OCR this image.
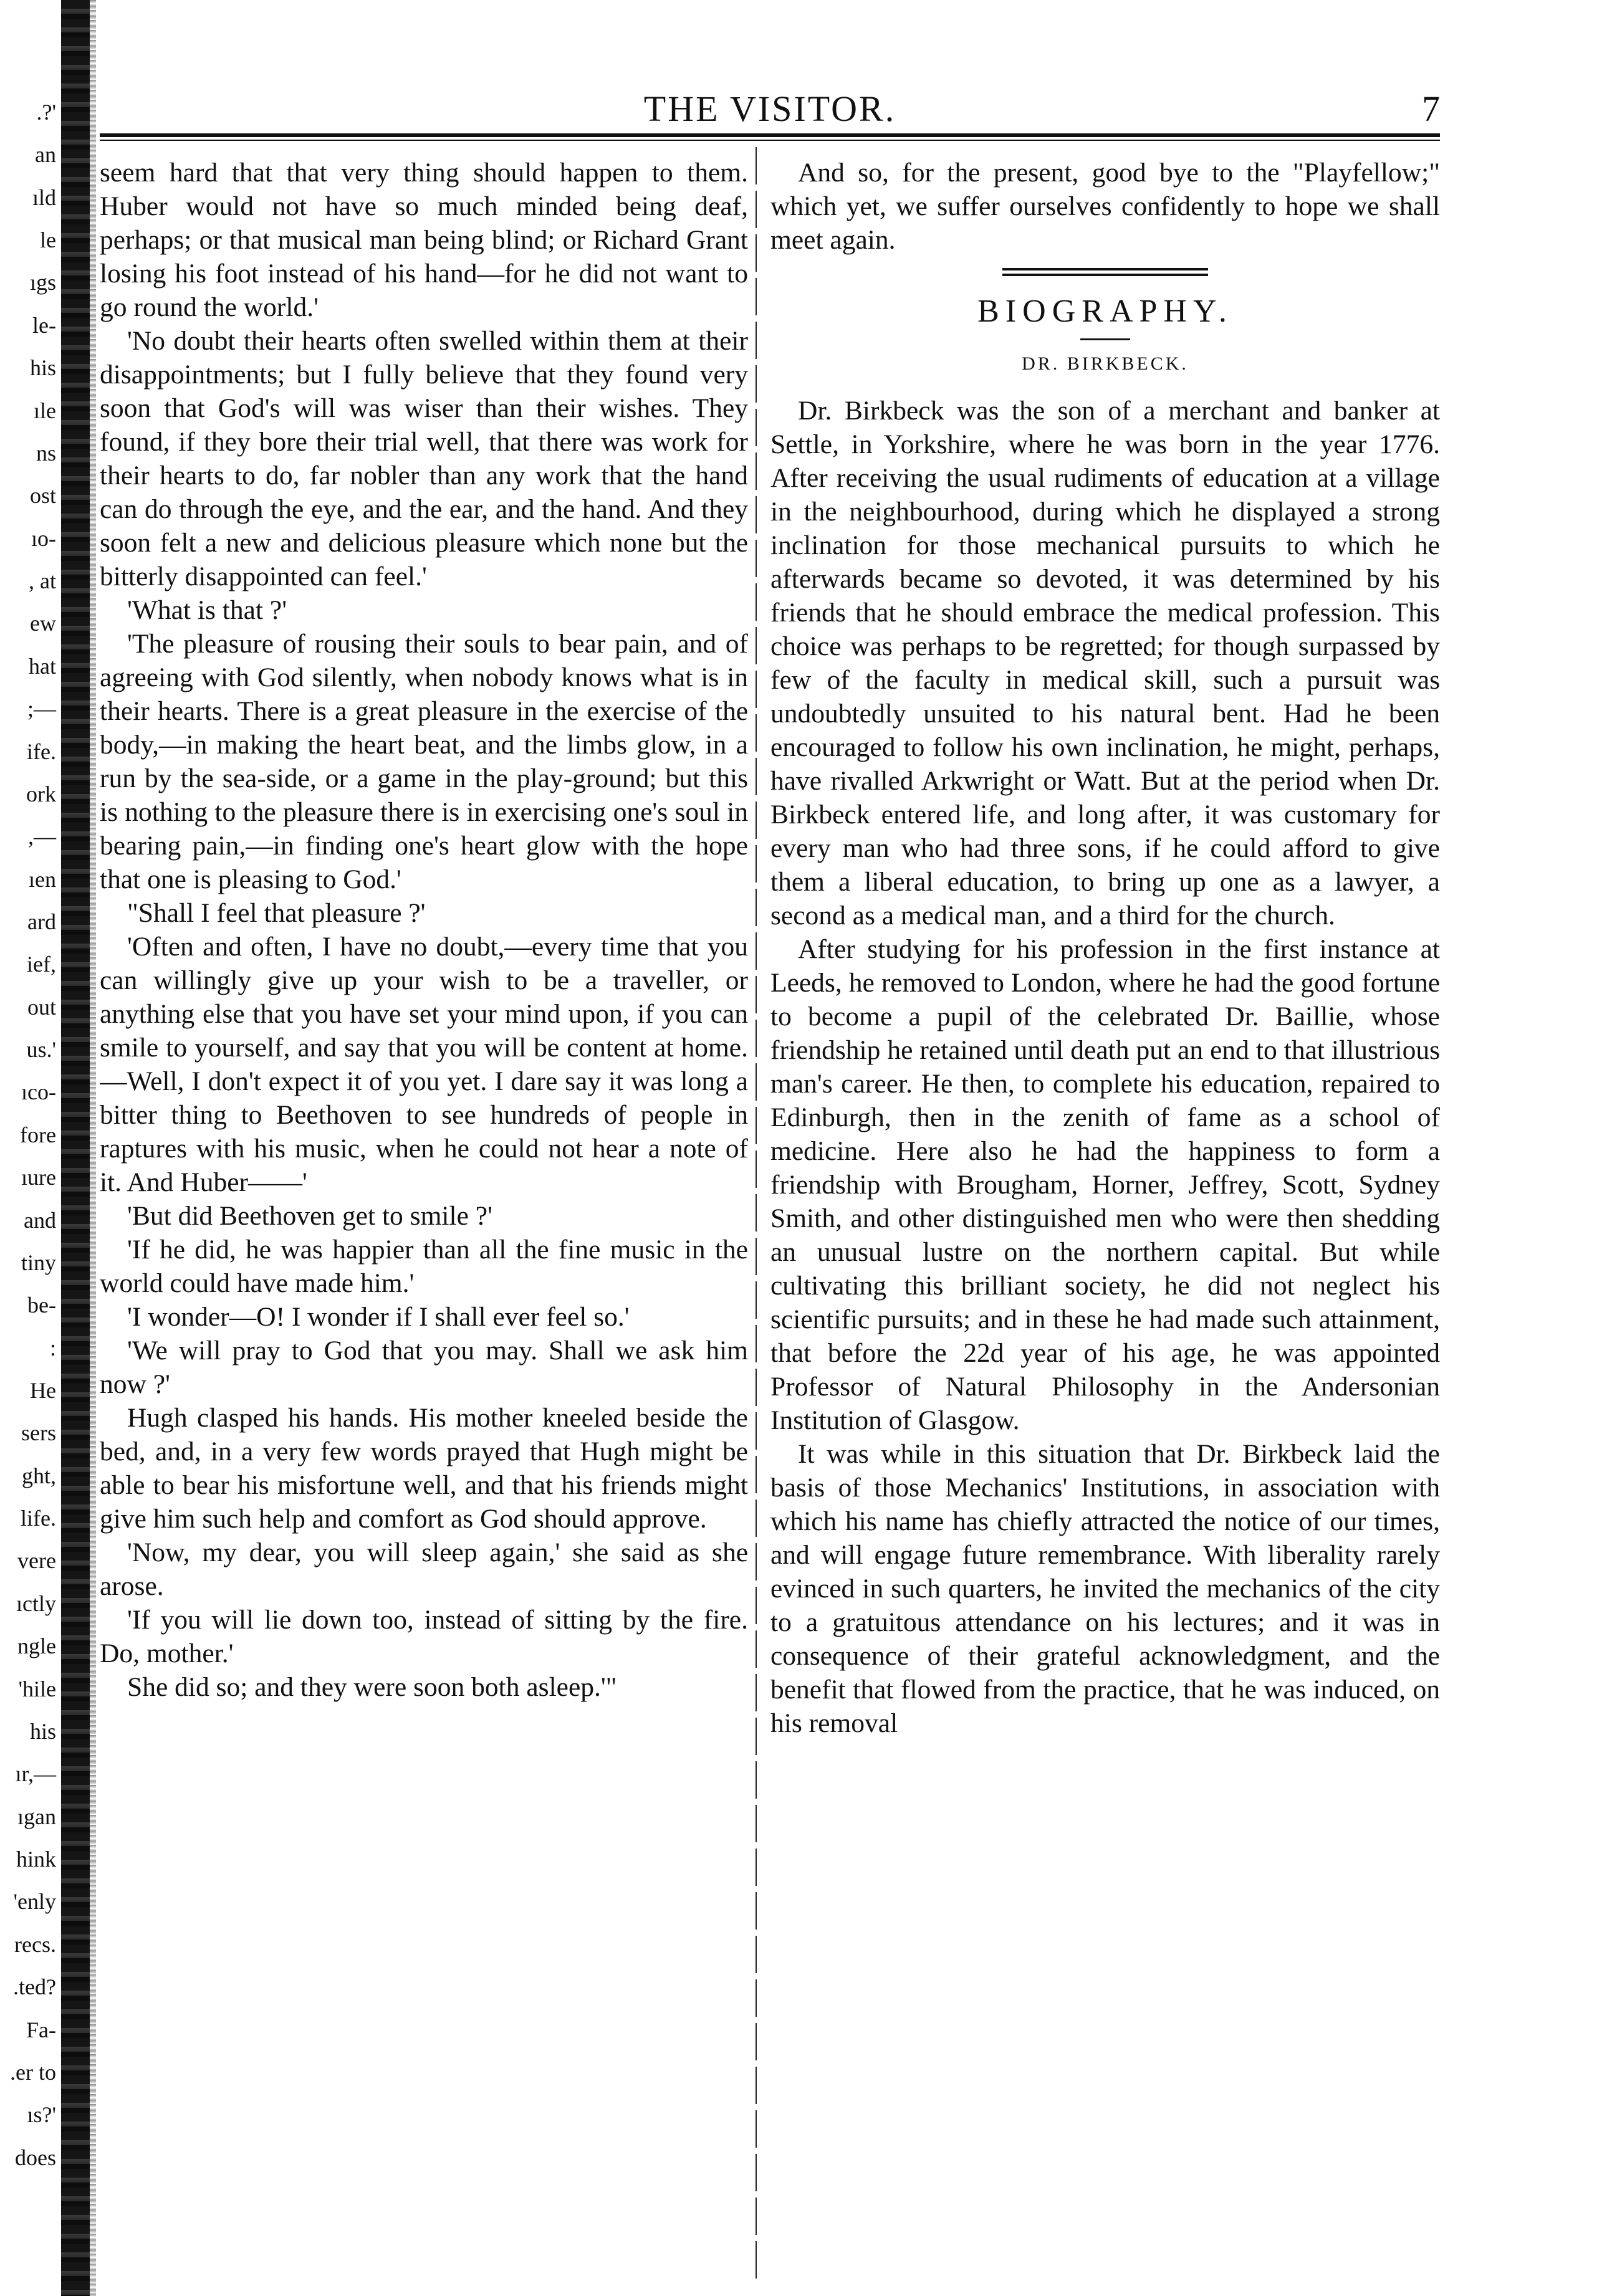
.?'
an
ıld
le
ıgs
le-
his
ıle
ns
ost
ıo-
, at
ew
hat
;—
ife.
ork
,—
ıen
ard
ief,
out
us.'
ıco-
fore
ıure
and
tiny
be-
:
He
sers
ght,
life.
vere
ıctly
ngle
'hile
his
ır,—
ıgan
hink
'enly
recs.
.ted?
Fa-
.er to
ıs?'
does
THE VISITOR.	7

seem hard that that very thing should happen to them. Huber would not have so much minded being deaf, perhaps; or that musical man being blind; or Richard Grant losing his foot instead of his hand—for he did not want to go round the world.'

'No doubt their hearts often swelled within them at their disappointments; but I fully believe that they found very soon that God's will was wiser than their wishes. They found, if they bore their trial well, that there was work for their hearts to do, far nobler than any work that the hand can do through the eye, and the ear, and the hand. And they soon felt a new and delicious pleasure which none but the bitterly disappointed can feel.'

'What is that ?'

'The pleasure of rousing their souls to bear pain, and of agreeing with God silently, when nobody knows what is in their hearts. There is a great pleasure in the exercise of the body,—in making the heart beat, and the limbs glow, in a run by the sea-side, or a game in the play-ground; but this is nothing to the pleasure there is in exercising one's soul in bearing pain,—in finding one's heart glow with the hope that one is pleasing to God.'

"Shall I feel that pleasure ?'

'Often and often, I have no doubt,—every time that you can willingly give up your wish to be a traveller, or anything else that you have set your mind upon, if you can smile to yourself, and say that you will be content at home.—Well, I don't expect it of you yet. I dare say it was long a bitter thing to Beethoven to see hundreds of people in raptures with his music, when he could not hear a note of it. And Huber——'

'But did Beethoven get to smile ?'

'If he did, he was happier than all the fine music in the world could have made him.'

'I wonder—O! I wonder if I shall ever feel so.'

'We will pray to God that you may. Shall we ask him now ?'

Hugh clasped his hands. His mother kneeled beside the bed, and, in a very few words prayed that Hugh might be able to bear his misfortune well, and that his friends might give him such help and comfort as God should approve.

'Now, my dear, you will sleep again,' she said as she arose.

'If you will lie down too, instead of sitting by the fire. Do, mother.'

She did so; and they were soon both asleep.'"

And so, for the present, good bye to the "Playfellow;" which yet, we suffer ourselves confidently to hope we shall meet again.

BIOGRAPHY.
DR. BIRKBECK.

Dr. Birkbeck was the son of a merchant and banker at Settle, in Yorkshire, where he was born in the year 1776. After receiving the usual rudiments of education at a village in the neighbourhood, during which he displayed a strong inclination for those mechanical pursuits to which he afterwards became so devoted, it was determined by his friends that he should embrace the medical profession. This choice was perhaps to be regretted; for though surpassed by few of the faculty in medical skill, such a pursuit was undoubtedly unsuited to his natural bent. Had he been encouraged to follow his own inclination, he might, perhaps, have rivalled Arkwright or Watt. But at the period when Dr. Birkbeck entered life, and long after, it was customary for every man who had three sons, if he could afford to give them a liberal education, to bring up one as a lawyer, a second as a medical man, and a third for the church.

After studying for his profession in the first instance at Leeds, he removed to London, where he had the good fortune to become a pupil of the celebrated Dr. Baillie, whose friendship he retained until death put an end to that illustrious man's career. He then, to complete his education, repaired to Edinburgh, then in the zenith of fame as a school of medicine. Here also he had the happiness to form a friendship with Brougham, Horner, Jeffrey, Scott, Sydney Smith, and other distinguished men who were then shedding an unusual lustre on the northern capital. But while cultivating this brilliant society, he did not neglect his scientific pursuits; and in these he had made such attainment, that before the 22d year of his age, he was appointed Professor of Natural Philosophy in the Andersonian Institution of Glasgow.

It was while in this situation that Dr. Birkbeck laid the basis of those Mechanics' Institutions, in association with which his name has chiefly attracted the notice of our times, and will engage future remembrance. With liberality rarely evinced in such quarters, he invited the mechanics of the city to a gratuitous attendance on his lectures; and it was in consequence of their grateful acknowledgment, and the benefit that flowed from the practice, that he was induced, on his removal
